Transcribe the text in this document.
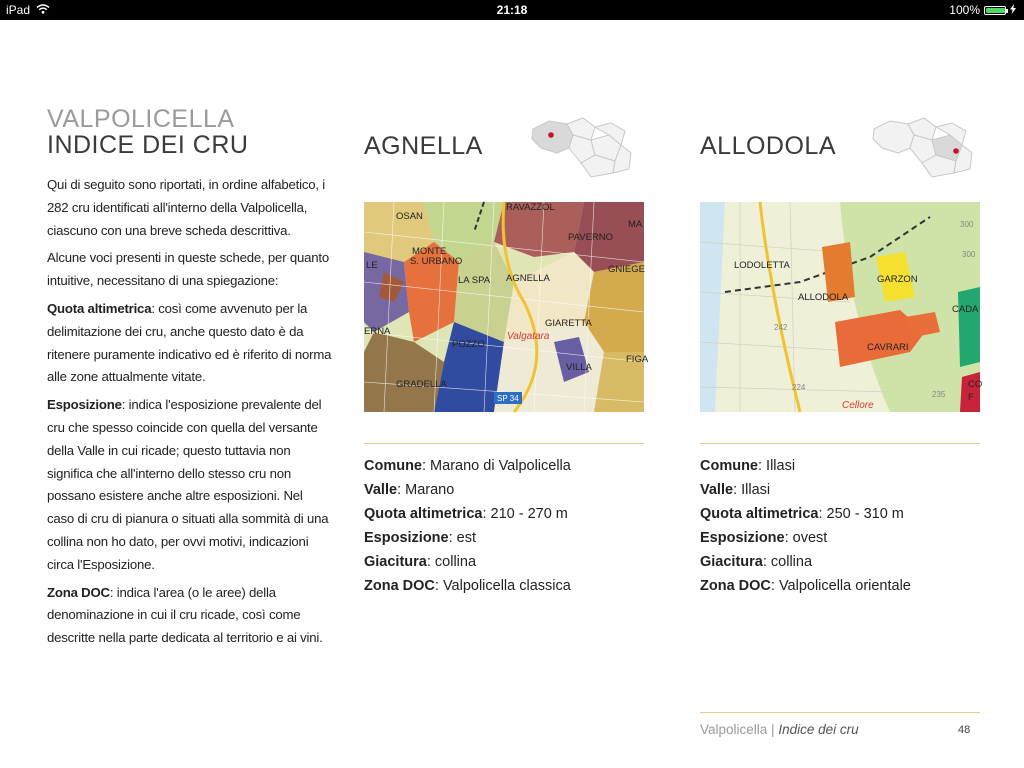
iPad	21:18	100%
VALPOLICELLA
INDICE DEI CRU

Qui di seguito sono riportati, in ordine alfabetico, i 282 cru identificati all'interno della Valpolicella, ciascuno con una breve scheda descrittiva.

Alcune voci presenti in queste schede, per quanto intuitive, necessitano di una spiegazione:

Quota altimetrica: così come avvenuto per la delimitazione dei cru, anche questo dato è da ritenere puramente indicativo ed è riferito di norma alle zone attualmente vitate.

Esposizione: indica l'esposizione prevalente del cru che spesso coincide con quella del versante della Valle in cui ricade; questo tuttavia non significa che all'interno dello stesso cru non possano esistere anche altre esposizioni. Nel caso di cru di pianura o situati alla sommità di una collina non ho dato, per ovvi motivi, indicazioni circa l'Esposizione.

Zona DOC: indica l'area (o le aree) della denominazione in cui il cru ricade, così come descritte nella parte dedicata al territorio e ai vini.

AGNELLA
SP 34
OSAN
RAVAZZOL
PAVERNO
MA
MONTE
S. URBANO
LA SPA AGNELLA
GNIEGE
ERNA
GIARETTA
POZZO
VILLA
FIGA
GRADELLA
LE
Valgatara
Comune: Marano di Valpolicella
Valle: Marano
Quota altimetrica: 210 - 270 m
Esposizione: est
Giacitura: collina
Zona DOC: Valpolicella classica
ALLODOLA
LODOLETTA
ALLODOLA
GARZON
CADA
CAVRARI
300
300
242
224
235
CO
F
Cellore
Comune: Illasi
Valle: Illasi
Quota altimetrica: 250 - 310 m
Esposizione: ovest
Giacitura: collina
Zona DOC: Valpolicella orientale
Valpolicella | Indice dei cru	48
